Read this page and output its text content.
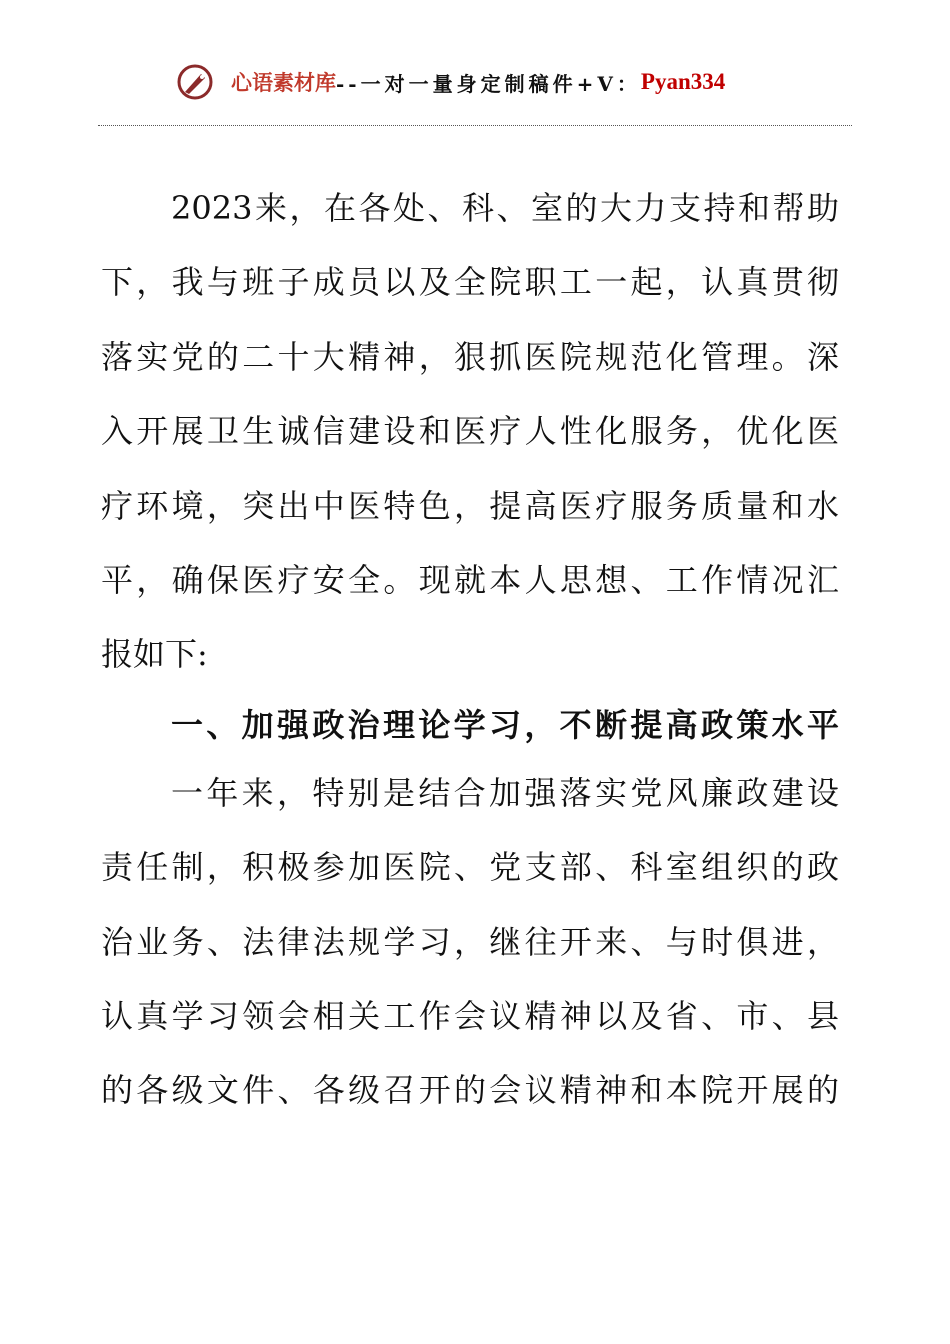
心语素材库 --一对一量身定制稿件+V： Pyan334
2023来，在各处、科、室的大力支持和帮助
下，我与班子成员以及全院职工一起，认真贯彻
落实党的二十大精神，狠抓医院规范化管理。深
入开展卫生诚信建设和医疗人性化服务，优化医
疗环境，突出中医特色，提高医疗服务质量和水
平，确保医疗安全。现就本人思想、工作情况汇
报如下:
一、加强政治理论学习，不断提高政策水平
一年来，特别是结合加强落实党风廉政建设
责任制，积极参加医院、党支部、科室组织的政
治业务、法律法规学习，继往开来、与时俱进，
认真学习领会相关工作会议精神以及省、市、县
的各级文件、各级召开的会议精神和本院开展的
